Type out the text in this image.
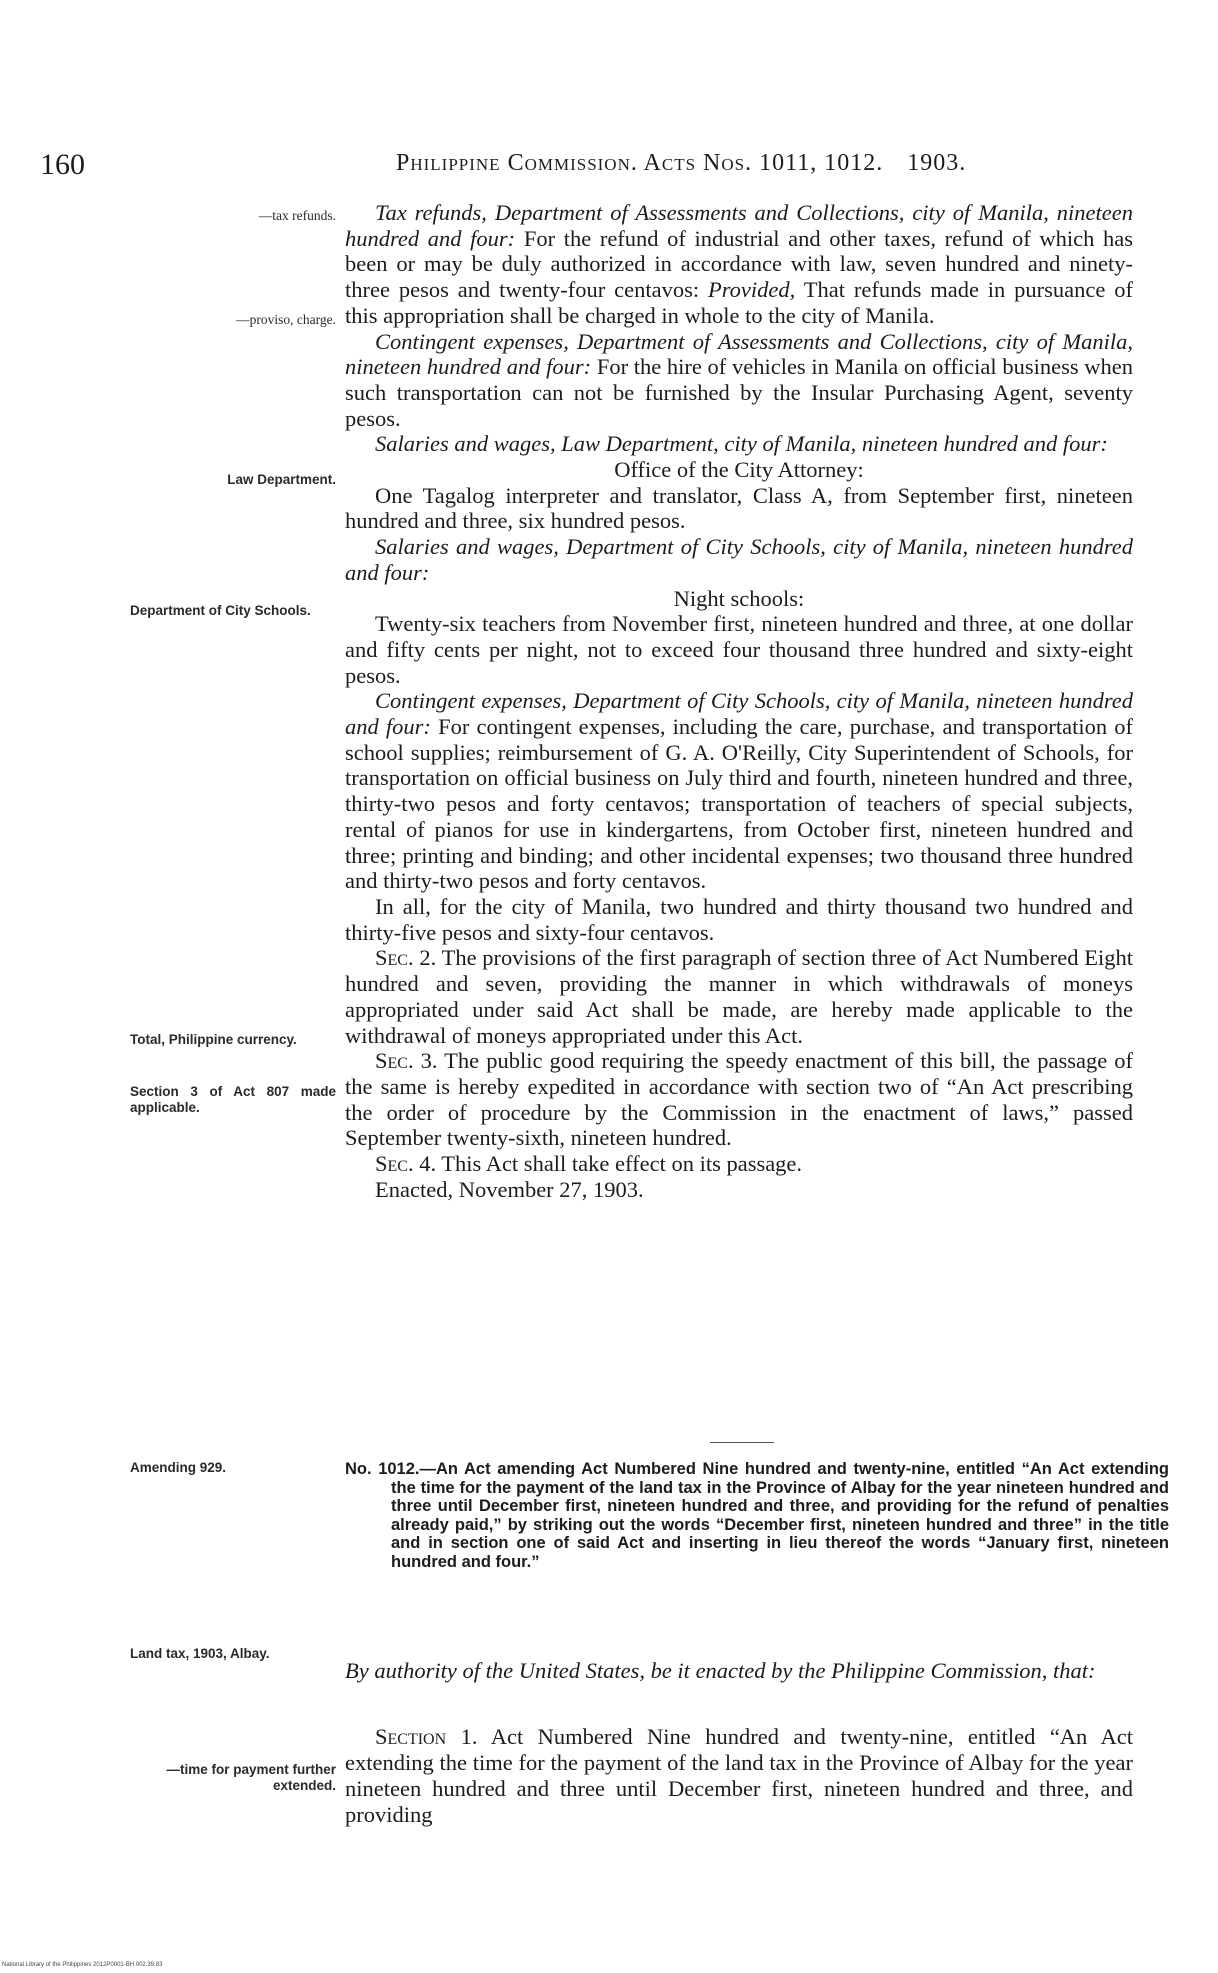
160	Philippine Commission. Acts Nos. 1011, 1012. 1903.
—tax refunds.
—proviso, charge.
Law Department.
Department of City Schools.
Total, Philippine currency.
Section 3 of Act 807 made applicable.
Amending 929.
Land tax, 1903, Albay.
—time for payment further extended.

Tax refunds, Department of Assessments and Collections, city of Manila, nineteen hundred and four: For the refund of industrial and other taxes, refund of which has been or may be duly authorized in accordance with law, seven hundred and ninety-three pesos and twenty-four centavos: Provided, That refunds made in pursuance of this appropriation shall be charged in whole to the city of Manila.

Contingent expenses, Department of Assessments and Collections, city of Manila, nineteen hundred and four: For the hire of vehicles in Manila on official business when such transportation can not be furnished by the Insular Purchasing Agent, seventy pesos.

Salaries and wages, Law Department, city of Manila, nineteen hundred and four:

Office of the City Attorney:

One Tagalog interpreter and translator, Class A, from September first, nineteen hundred and three, six hundred pesos.

Salaries and wages, Department of City Schools, city of Manila, nineteen hundred and four:

Night schools:

Twenty-six teachers from November first, nineteen hundred and three, at one dollar and fifty cents per night, not to exceed four thousand three hundred and sixty-eight pesos.

Contingent expenses, Department of City Schools, city of Manila, nineteen hundred and four: For contingent expenses, including the care, purchase, and transportation of school supplies; reimbursement of G. A. O'Reilly, City Superintendent of Schools, for transportation on official business on July third and fourth, nineteen hundred and three, thirty-two pesos and forty centavos; transportation of teachers of special subjects, rental of pianos for use in kindergartens, from October first, nineteen hundred and three; printing and binding; and other incidental expenses; two thousand three hundred and thirty-two pesos and forty centavos.

In all, for the city of Manila, two hundred and thirty thousand two hundred and thirty-five pesos and sixty-four centavos.

Sec. 2. The provisions of the first paragraph of section three of Act Numbered Eight hundred and seven, providing the manner in which withdrawals of moneys appropriated under said Act shall be made, are hereby made applicable to the withdrawal of moneys appropriated under this Act.

Sec. 3. The public good requiring the speedy enactment of this bill, the passage of the same is hereby expedited in accordance with section two of “An Act prescribing the order of procedure by the Commission in the enactment of laws,” passed September twenty-sixth, nineteen hundred.

Sec. 4. This Act shall take effect on its passage.

Enacted, November 27, 1903.

No. 1012.—An Act amending Act Numbered Nine hundred and twenty-nine, entitled “An Act extending the time for the payment of the land tax in the Province of Albay for the year nineteen hundred and three until December first, nineteen hundred and three, and providing for the refund of penalties already paid,” by striking out the words “December first, nineteen hundred and three” in the title and in section one of said Act and inserting in lieu thereof the words “January first, nineteen hundred and four.”
By authority of the United States, be it enacted by the Philippine Commission, that:

Section 1. Act Numbered Nine hundred and twenty-nine, entitled “An Act extending the time for the payment of the land tax in the Province of Albay for the year nineteen hundred and three until December first, nineteen hundred and three, and providing

National Library of the Philippines 2012P0001-BH 002.39.83
